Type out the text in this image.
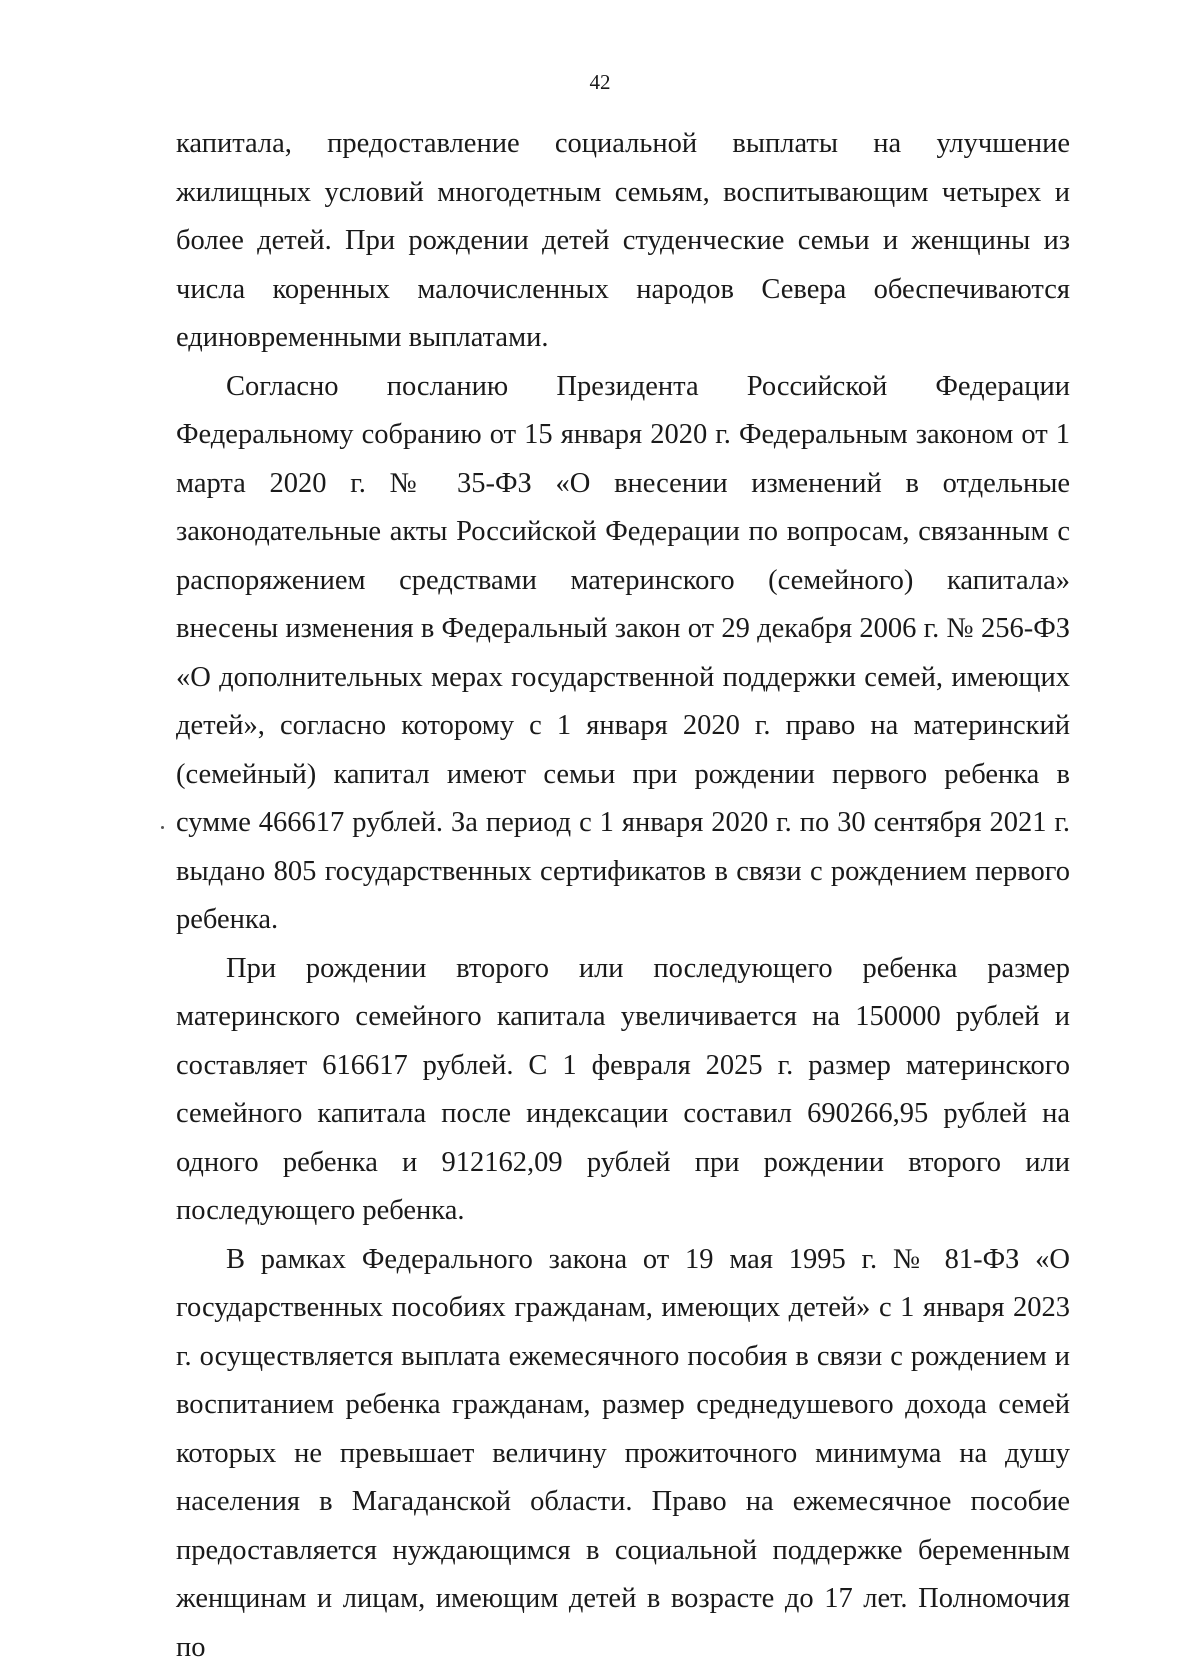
42

капитала, предоставление социальной выплаты на улучшение жилищных условий многодетным семьям, воспитывающим четырех и более детей. При рождении детей студенческие семьи и женщины из числа коренных малочисленных народов Севера обеспечиваются единовременными выплатами.

Согласно посланию Президента Российской Федерации Федеральному собранию от 15 января 2020 г. Федеральным законом от 1 марта 2020 г. № 35-ФЗ «О внесении изменений в отдельные законодательные акты Российской Федерации по вопросам, связанным с распоряжением средствами материнского (семейного) капитала» внесены изменения в Федеральный закон от 29 декабря 2006 г. № 256-ФЗ «О дополнительных мерах государственной поддержки семей, имеющих детей», согласно которому с 1 января 2020 г. право на материнский (семейный) капитал имеют семьи при рождении первого ребенка в сумме 466617 рублей. За период с 1 января 2020 г. по 30 сентября 2021 г. выдано 805 государственных сертификатов в связи с рождением первого ребенка.

При рождении второго или последующего ребенка размер материнского семейного капитала увеличивается на 150000 рублей и составляет 616617 рублей. С 1 февраля 2025 г. размер материнского семейного капитала после индексации составил 690266,95 рублей на одного ребенка и 912162,09 рублей при рождении второго или последующего ребенка.

В рамках Федерального закона от 19 мая 1995 г. № 81-ФЗ «О государственных пособиях гражданам, имеющих детей» с 1 января 2023 г. осуществляется выплата ежемесячного пособия в связи с рождением и воспитанием ребенка гражданам, размер среднедушевого дохода семей которых не превышает величину прожиточного минимума на душу населения в Магаданской области. Право на ежемесячное пособие предоставляется нуждающимся в социальной поддержке беременным женщинам и лицам, имеющим детей в возрасте до 17 лет. Полномочия по
